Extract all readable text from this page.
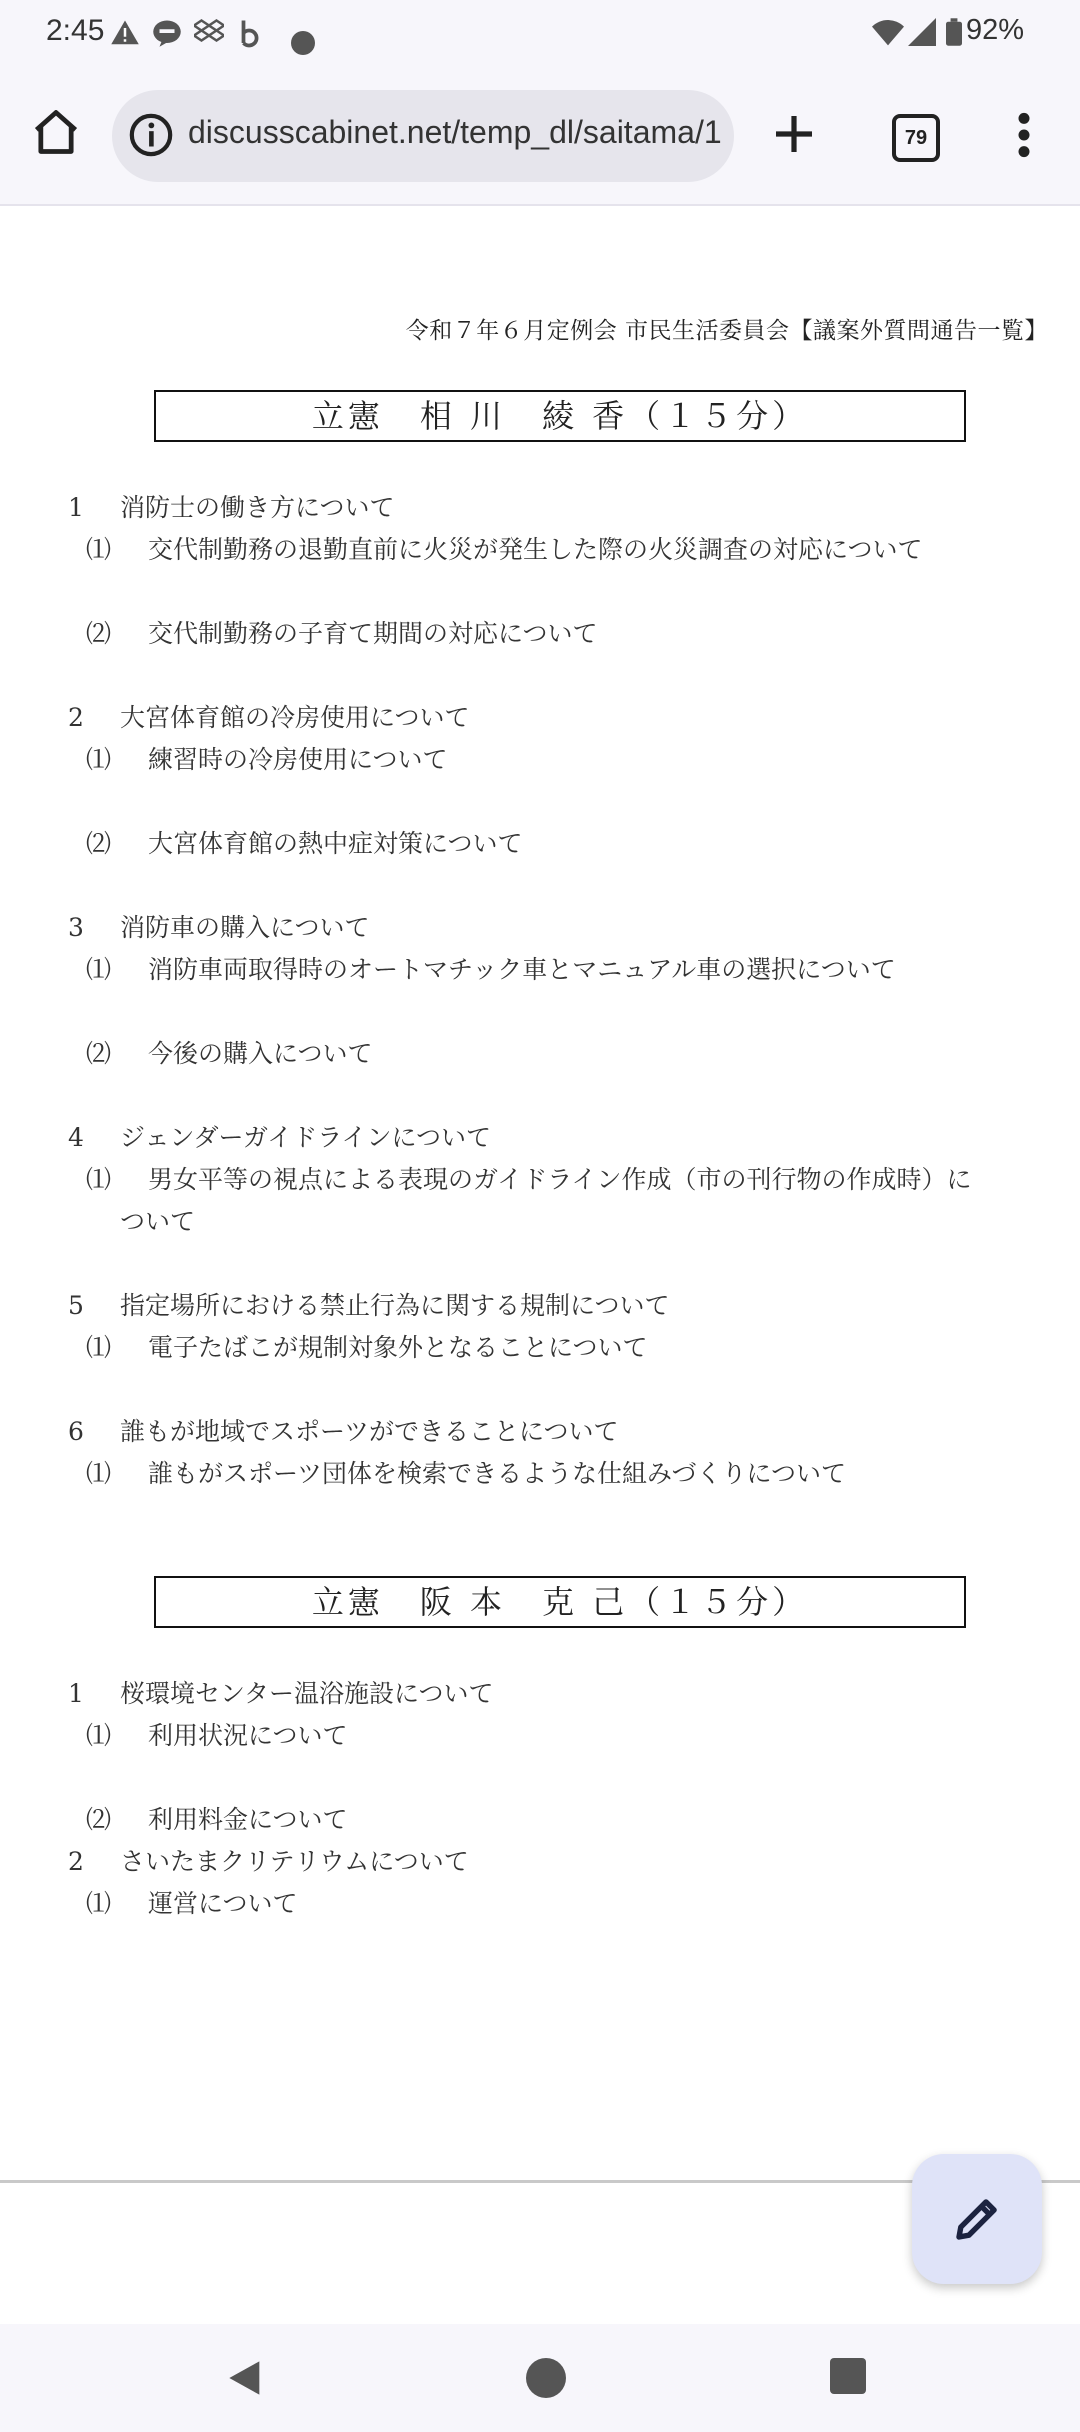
2:45	92%
discusscabinet.net/temp_dl/saitama/1	79
令和７年６月定例会 市民生活委員会【議案外質問通告一覧】
立憲　相 川　綾 香（１５分）
1 消防士の働き方について
⑴ 交代制勤務の退勤直前に火災が発生した際の火災調査の対応について
⑵ 交代制勤務の子育て期間の対応について
2 大宮体育館の冷房使用について
⑴ 練習時の冷房使用について
⑵ 大宮体育館の熱中症対策について
3 消防車の購入について
⑴ 消防車両取得時のオートマチック車とマニュアル車の選択について
⑵ 今後の購入について
4 ジェンダーガイドラインについて
⑴ 男女平等の視点による表現のガイドライン作成（市の刊行物の作成時）に
ついて
5 指定場所における禁止行為に関する規制について
⑴ 電子たばこが規制対象外となることについて
6 誰もが地域でスポーツができることについて
⑴ 誰もがスポーツ団体を検索できるような仕組みづくりについて
立憲　阪 本　克 己（１５分）
1 桜環境センター温浴施設について
⑴ 利用状況について
⑵ 利用料金について
2 さいたまクリテリウムについて
⑴ 運営について
